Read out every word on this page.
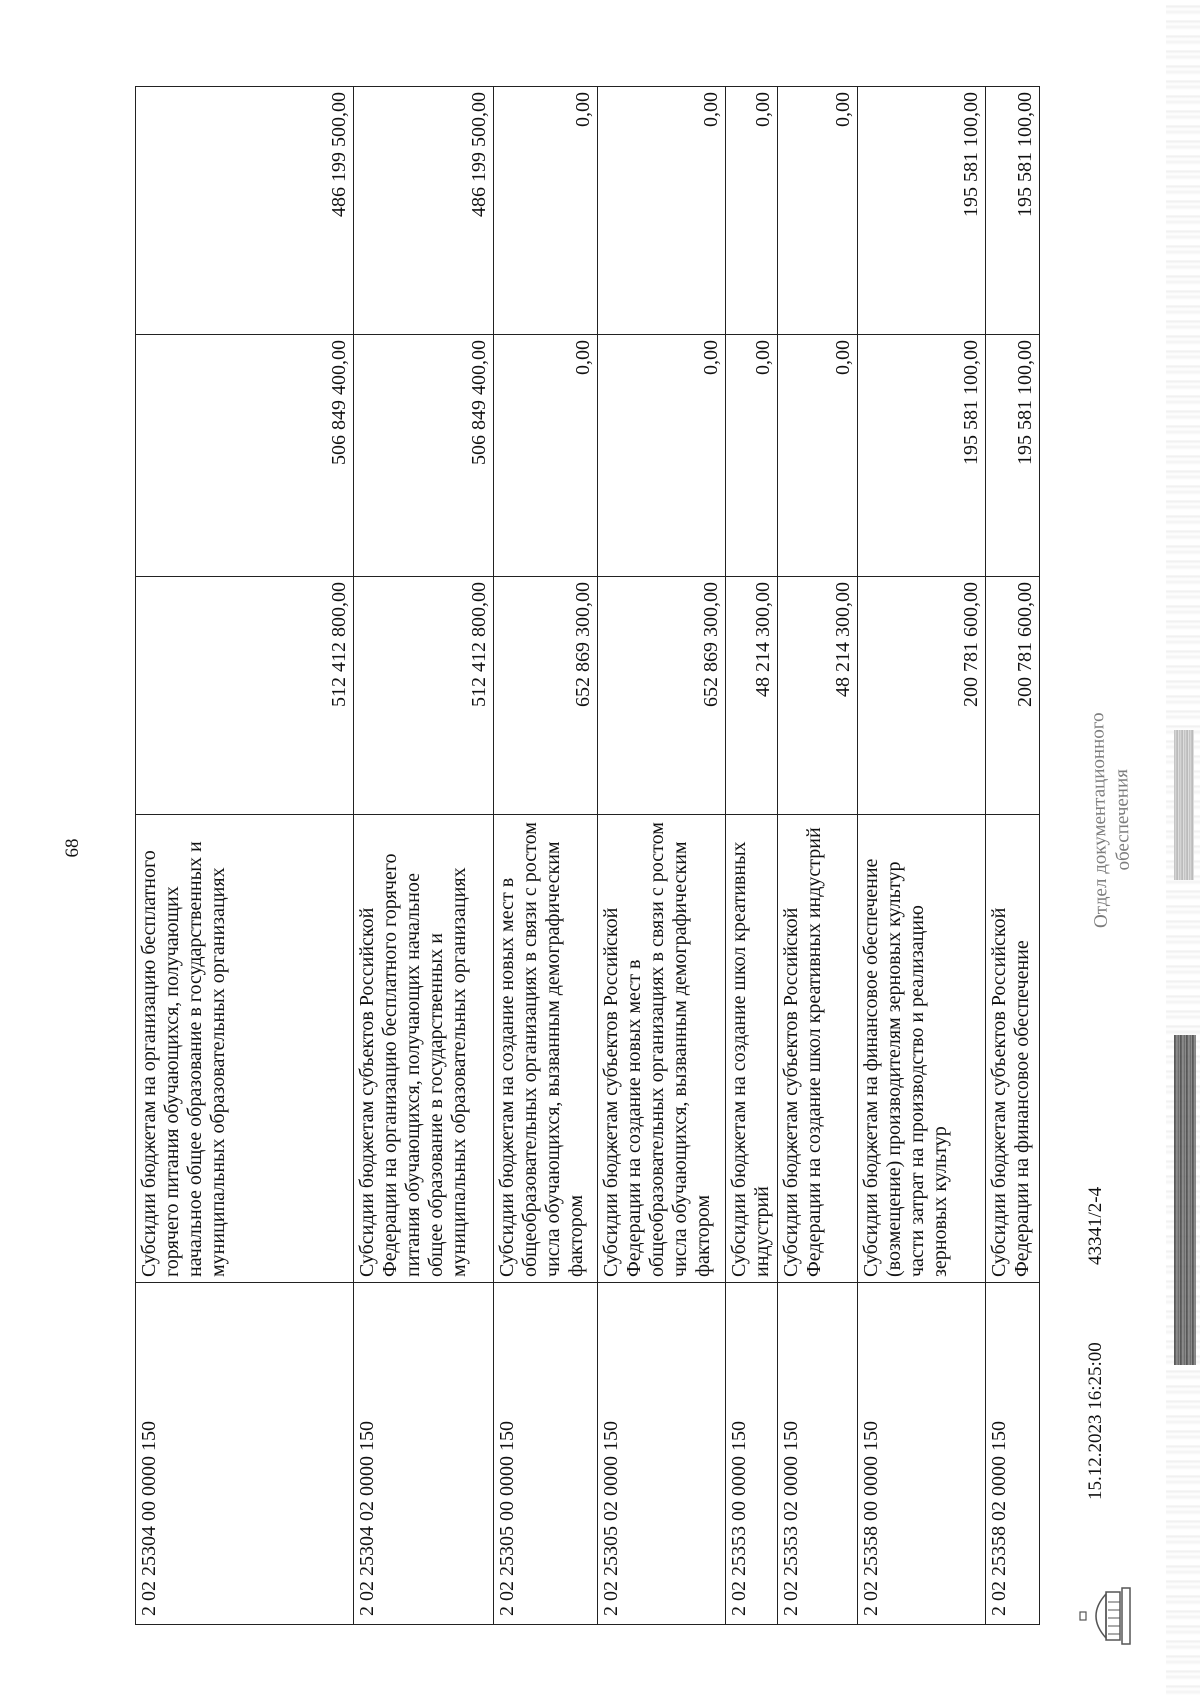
68
2 02 25304 00 0000 150	Субсидии бюджетам на организацию бесплатного горячего питания обучающихся, получающих начальное общее образование в государственных и муниципальных образовательных организациях	512 412 800,00	506 849 400,00	486 199 500,00
2 02 25304 02 0000 150	Субсидии бюджетам субъектов Российской Федерации на организацию бесплатного горячего питания обучающихся, получающих начальное общее образование в государственных и муниципальных образовательных организациях	512 412 800,00	506 849 400,00	486 199 500,00
2 02 25305 00 0000 150	Субсидии бюджетам на создание новых мест в общеобразовательных организациях в связи с ростом числа обучающихся, вызванным демографическим фактором	652 869 300,00	0,00	0,00
2 02 25305 02 0000 150	Субсидии бюджетам субъектов Российской Федерации на создание новых мест в общеобразовательных организациях в связи с ростом числа обучающихся, вызванным демографическим фактором	652 869 300,00	0,00	0,00
2 02 25353 00 0000 150	Субсидии бюджетам на создание школ креативных индустрий	48 214 300,00	0,00	0,00
2 02 25353 02 0000 150	Субсидии бюджетам субъектов Российской Федерации на создание школ креативных индустрий	48 214 300,00	0,00	0,00
2 02 25358 00 0000 150	Субсидии бюджетам на финансовое обеспечение (возмещение) производителям зерновых культур части затрат на производство и реализацию зерновых культур	200 781 600,00	195 581 100,00	195 581 100,00
2 02 25358 02 0000 150	Субсидии бюджетам субъектов Российской Федерации на финансовое обеспечение	200 781 600,00	195 581 100,00	195 581 100,00
15.12.2023 16:25:00
43341/2-4
Отдел документационного обеспечения
